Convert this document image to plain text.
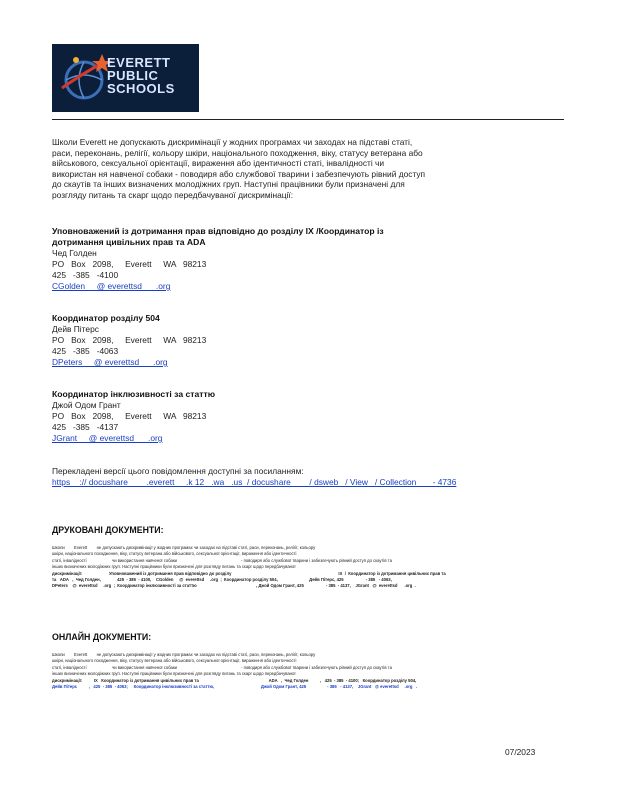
EVERETT
PUBLIC
SCHOOLS
Школи Everett не допускають дискримінації у жодних програмах чи заходах на підставі статі,
раси, переконань, релігії, кольору шкіри, національного походження, віку, статусу ветерана або
військового, сексуальної орієнтації, вираження або ідентичності статі, інвалідності чи
використан ня навченої собаки - поводиря або службової тварини і забезпечують рівний доступ
до скаутів та інших визначених молодіжних груп. Наступні працівники були призначені для
розгляду питань та скарг щодо передбачуваної дискримінації:
Уповноважений із дотримання прав відповідно до розділу IX /Координатор із
дотримання цивільних прав та ADA
Чед Голден
PO   Box   2098,     Everett     WA   98213
425   -385   -4100
CGolden     @ everettsd      .org
Координатор розділу 504
Дейв Пітерс
PO   Box   2098,     Everett     WA   98213
425   -385   -4063
DPeters     @ everettsd      .org
Координатор інклюзивності за статтю
Джой Одом Грант
PO   Box   2098,     Everett     WA   98213
425   -385   -4137
JGrant     @ everettsd      .org
Перекладені версії цього повідомлення доступні за посиланням:
https    :// docushare        .everett     .k 12   .wa   .us  / docushare        / dsweb   / View   / Collection       - 4736
ДРУКОВАНІ ДОКУМЕНТИ:
Школи        Everett        не допускають дискримінації у жодних програмах чи заходах на підставі статі, раси, переконань, релігії, кольору
шкіри, національного походження, віку, статусу ветерана або військового, сексуальної орієнтації, вираження або ідентичності
статі, інвалідності                      чи використання навченої собаки                                                       - поводиря або службової тварини і забезпечують рівний доступ до скаутів та
інших визначених молодіжних груп. Наступні працівники були призначені для розгляду питань та скарг щодо передбачуваної
дискримінації:                       Уповноважений із дотримання прав відповідно до розділу                                                                                            IX  /  Координатор із дотримання цивільних прав та
та   ADA   ,  Чед Голден,              425  - 385  - 4100,    CGolden     @  everettsd     .org  ;  Координатор розділу 504,                           Дейв Пітерс, 425                   - 385   - 4063,
DPeters    @  everettsd     .org  ;  Координатор інклюзивності за статтю                                                   , Джой Одом Грант, 425                   - 385  - 4137,    JGrant   @  everettsd      .org  .
ОНЛАЙН ДОКУМЕНТИ:
Школи        Everett        не допускають дискримінації у жодних програмах чи заходах на підставі статі, раси, переконань, релігії, кольору
шкіри, національного походження, віку, статусу ветерана або військового, сексуальної орієнтації, вираження або ідентичності
статі, інвалідності                      чи використання навченої собаки                                                       - поводиря або службової тварини і забезпечують рівний доступ до скаутів та
інших визначених молодіжних груп. Наступні працівники були призначені для розгляду питань та скарг щодо передбачуваної
дискримінації:          IX   Координатор із дотримання цивільних прав та                                                            ADA   ,  Чед Голден          ,   425  - 385  - 4100;   Координатор розділу 504,
Дейв Пітерс          ,   425  - 385  - 4063;     Координатор інклюзивності за статтю,                                        Джой Одом Грант, 425                  - 385   - 4137,    JGrant   @ everettsd     .org   .
07/2023
